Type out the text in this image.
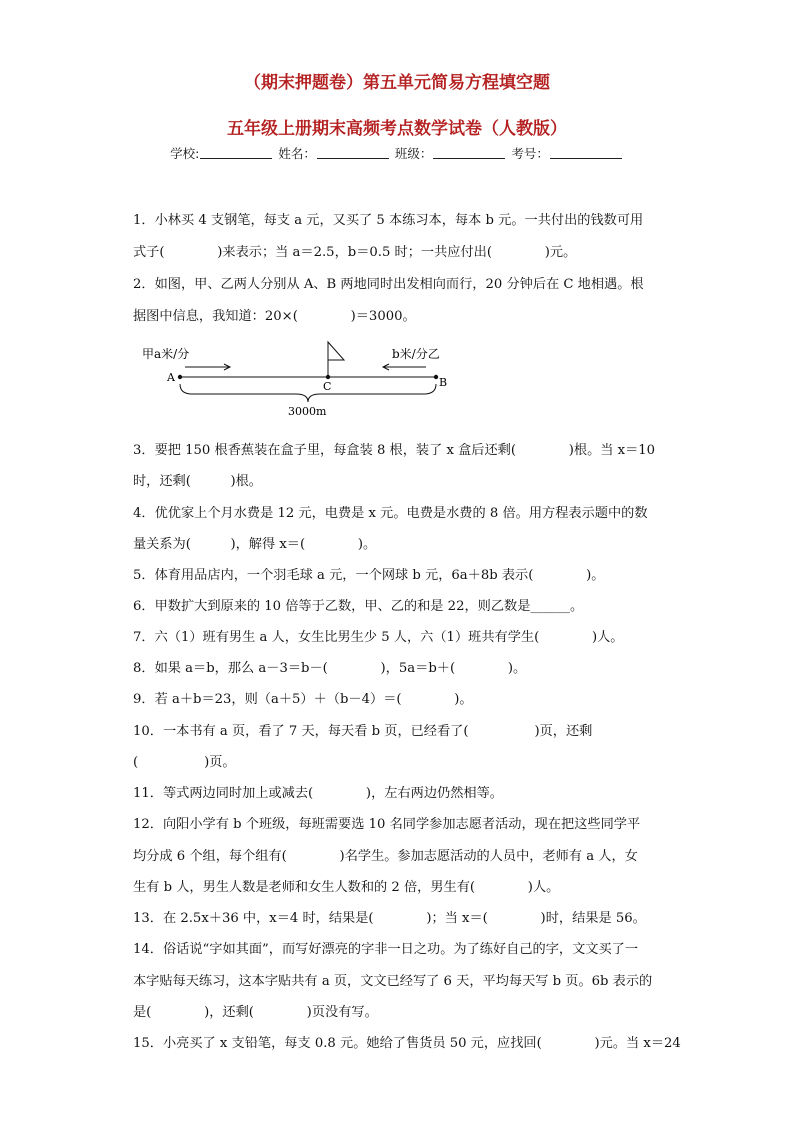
（期末押题卷）第五单元简易方程填空题
五年级上册期末高频考点数学试卷（人教版）
学校:	姓名：	班级：	考号：
1．小林买 4 支钢笔，每支 a 元，又买了 5 本练习本，每本 b 元。一共付出的钱数可用
式子(　　　　)来表示；当 a＝2.5，b＝0.5 时；一共应付出(　　　　)元。
2．如图，甲、乙两人分别从 A、B 两地同时出发相向而行，20 分钟后在 C 地相遇。根
据图中信息，我知道：20×(　　　　)＝3000。
甲a米/分	b米/分乙
A	B
C
3000m
3．要把 150 根香蕉装在盒子里，每盒装 8 根，装了 x 盒后还剩(　　　　)根。当 x＝10
时，还剩(　　　)根。
4．优优家上个月水费是 12 元，电费是 x 元。电费是水费的 8 倍。用方程表示题中的数
量关系为(　　　)，解得 x＝(　　　　)。
5．体育用品店内，一个羽毛球 a 元，一个网球 b 元，6a＋8b 表示(　　　　)。
6．甲数扩大到原来的 10 倍等于乙数，甲、乙的和是 22，则乙数是______。
7．六（1）班有男生 a 人，女生比男生少 5 人，六（1）班共有学生(　　　　)人。
8．如果 a＝b，那么 a－3＝b－(　　　　)，5a＝b＋(　　　　)。
9．若 a＋b＝23，则（a＋5）＋（b－4）＝(　　　　)。
10．一本书有 a 页，看了 7 天，每天看 b 页，已经看了(　　　　　)页，还剩
(　　　　　)页。
11．等式两边同时加上或减去(　　　　)，左右两边仍然相等。
12．向阳小学有 b 个班级，每班需要选 10 名同学参加志愿者活动，现在把这些同学平
均分成 6 个组，每个组有(　　　　)名学生。参加志愿活动的人员中，老师有 a 人，女
生有 b 人，男生人数是老师和女生人数和的 2 倍，男生有(　　　　)人。
13．在 2.5x＋36 中，x＝4 时，结果是(　　　　)；当 x＝(　　　　)时，结果是 56。
14．俗话说“字如其面”，而写好漂亮的字非一日之功。为了练好自己的字，文文买了一
本字贴每天练习，这本字贴共有 a 页，文文已经写了 6 天，平均每天写 b 页。6b 表示的
是(　　　　)，还剩(　　　　)页没有写。
15．小亮买了 x 支铅笔，每支 0.8 元。她给了售货员 50 元，应找回(　　　　)元。当 x＝24
